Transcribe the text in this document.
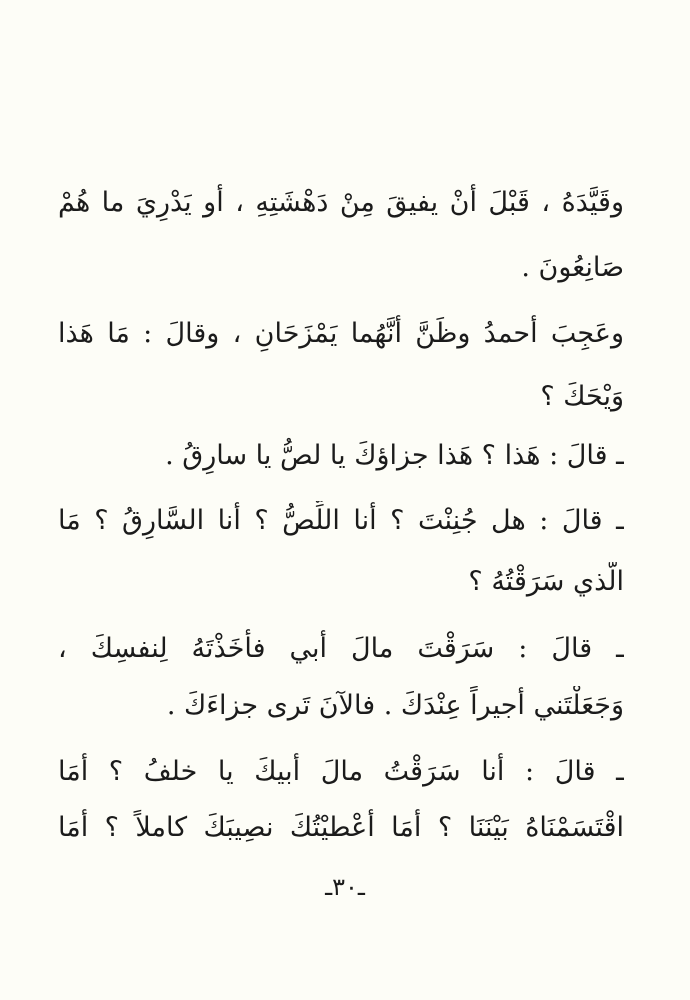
وقَيَّدَهُ ، قَبْلَ أنْ يفيقَ مِنْ دَهْشَتِهِ ، أو يَدْرِيَ ما هُمْ
صَانِعُونَ .
وعَجِبَ أحمدُ وظَنَّ أنَّهُما يَمْزَحَانِ ، وقالَ : مَا هَذا
وَيْحَكَ ؟
ـ قالَ : هَذا ؟ هَذا جزاؤكَ يا لصُّ يا سارِقُ .
ـ قالَ : هل جُنِنْتَ ؟ أنا اللِّصُّ ؟ أنا السَّارِقُ ؟ مَا
الَّذي سَرَقْتُهُ ؟
ـ قالَ : سَرَقْتَ مالَ أَبي فأخَذْتَهُ لِنفسِكَ ،
وَجَعَلْتَني أجيراً عِنْدَكَ . فالآنَ تَرى جزاءَكَ .
ـ قالَ : أنا سَرَقْتُ مالَ أبيكَ يا خلفُ ؟ أمَا
اقْتَسَمْنَاهُ بَيْنَنَا ؟ أمَا أعْطيْتُكَ نصِيبَكَ كاملاً ؟ أمَا
ـ٣٠ـ
